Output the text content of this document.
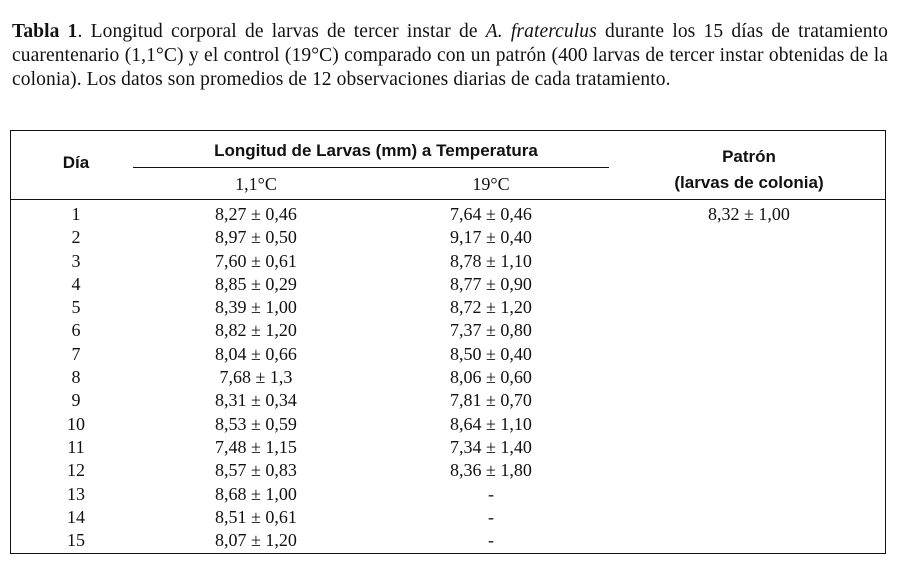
Tabla 1. Longitud corporal de larvas de tercer instar de A. fraterculus durante los 15 días de tratamiento cuarentenario (1,1°C) y el control (19°C) comparado con un patrón (400 larvas de tercer instar obtenidas de la colonia). Los datos son promedios de 12 observaciones diarias de cada tratamiento.
Día
Longitud de Larvas (mm) a Temperatura
1,1°C	19°C
Patrón
(larvas de colonia)
1	8,27 ± 0,46	7,64 ± 0,46	8,32 ± 1,00
2	8,97 ± 0,50	9,17 ± 0,40
3	7,60 ± 0,61	8,78 ± 1,10
4	8,85 ± 0,29	8,77 ± 0,90
5	8,39 ± 1,00	8,72 ± 1,20
6	8,82 ± 1,20	7,37 ± 0,80
7	8,04 ± 0,66	8,50 ± 0,40
8	7,68 ± 1,3	8,06 ± 0,60
9	8,31 ± 0,34	7,81 ± 0,70
10	8,53 ± 0,59	8,64 ± 1,10
11	7,48 ± 1,15	7,34 ± 1,40
12	8,57 ± 0,83	8,36 ± 1,80
13	8,68 ± 1,00	-
14	8,51 ± 0,61	-
15	8,07 ± 1,20	-
